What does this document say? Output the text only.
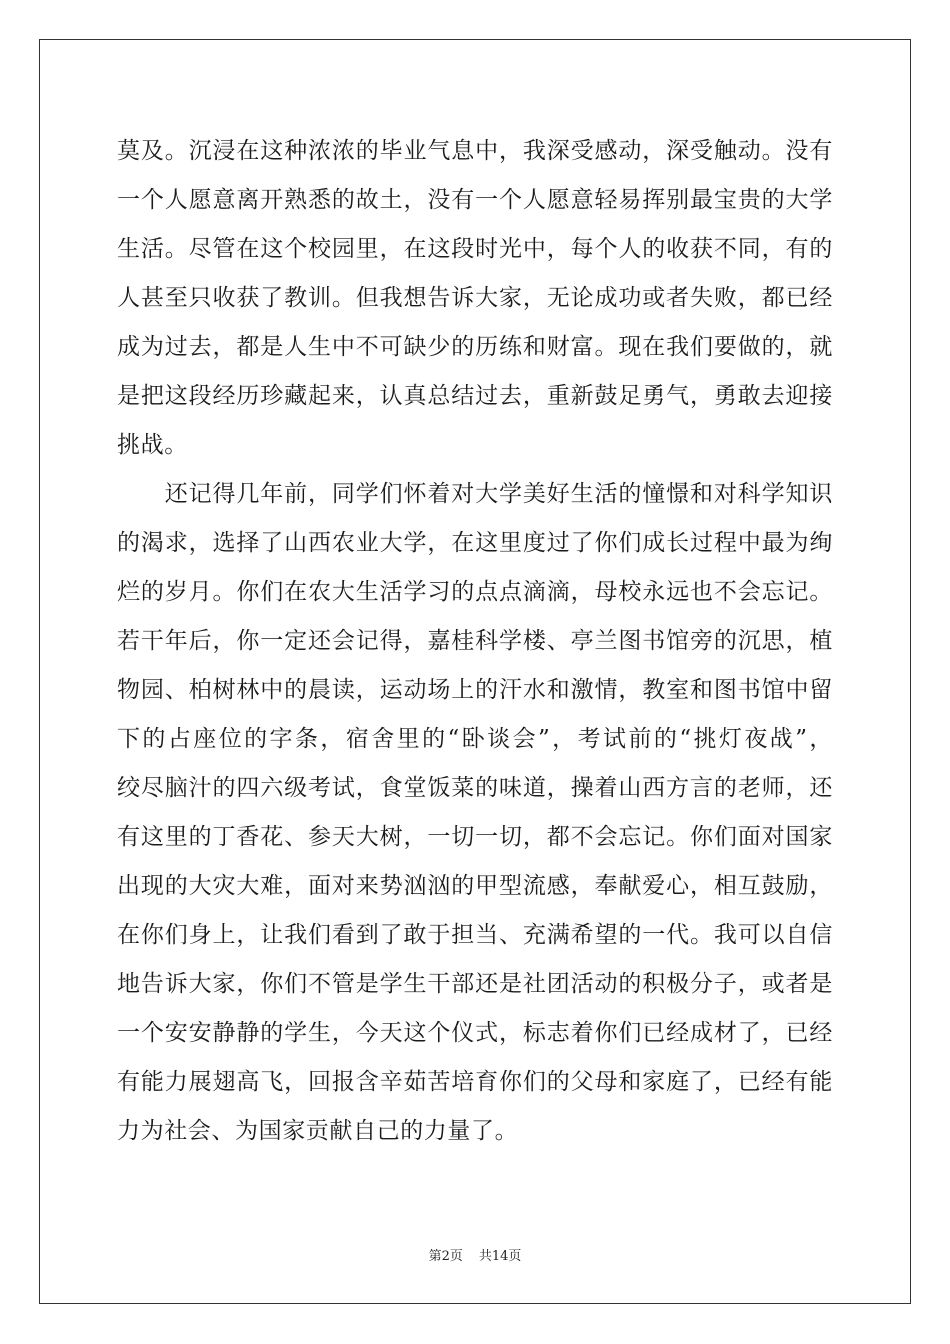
莫及。沉浸在这种浓浓的毕业气息中，我深受感动，深受触动。没有
一个人愿意离开熟悉的故土，没有一个人愿意轻易挥别最宝贵的大学
生活。尽管在这个校园里，在这段时光中，每个人的收获不同，有的
人甚至只收获了教训。但我想告诉大家，无论成功或者失败，都已经
成为过去，都是人生中不可缺少的历练和财富。现在我们要做的，就
是把这段经历珍藏起来，认真总结过去，重新鼓足勇气，勇敢去迎接
挑战。
　　还记得几年前，同学们怀着对大学美好生活的憧憬和对科学知识
的渴求，选择了山西农业大学，在这里度过了你们成长过程中最为绚
烂的岁月。你们在农大生活学习的点点滴滴，母校永远也不会忘记。
若干年后，你一定还会记得，嘉桂科学楼、亭兰图书馆旁的沉思，植
物园、柏树林中的晨读，运动场上的汗水和激情，教室和图书馆中留
下的占座位的字条，宿舍里的“卧谈会”，考试前的“挑灯夜战”，
绞尽脑汁的四六级考试，食堂饭菜的味道，操着山西方言的老师，还
有这里的丁香花、参天大树，一切一切，都不会忘记。你们面对国家
出现的大灾大难，面对来势汹汹的甲型流感，奉献爱心，相互鼓励，
在你们身上，让我们看到了敢于担当、充满希望的一代。我可以自信
地告诉大家，你们不管是学生干部还是社团活动的积极分子，或者是
一个安安静静的学生，今天这个仪式，标志着你们已经成材了，已经
有能力展翅高飞，回报含辛茹苦培育你们的父母和家庭了，已经有能
力为社会、为国家贡献自己的力量了。
第2页 共14页
